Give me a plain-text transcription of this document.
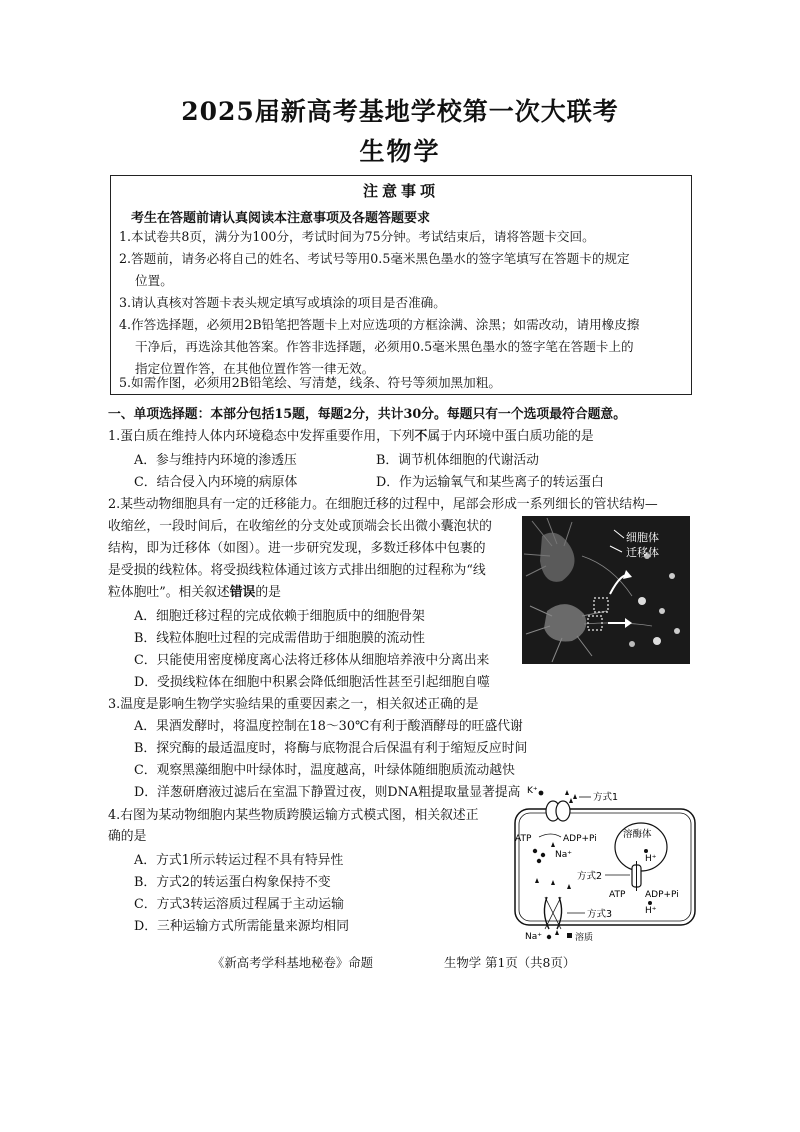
2025届新高考基地学校第一次大联考
生物学
注意事项
考生在答题前请认真阅读本注意事项及各题答题要求
1.本试卷共8页，满分为100分，考试时间为75分钟。考试结束后，请将答题卡交回。
2.答题前，请务必将自己的姓名、考试号等用0.5毫米黑色墨水的签字笔填写在答题卡的规定
位置。
3.请认真核对答题卡表头规定填写或填涂的项目是否准确。
4.作答选择题，必须用2B铅笔把答题卡上对应选项的方框涂满、涂黑；如需改动，请用橡皮擦
干净后，再选涂其他答案。作答非选择题，必须用0.5毫米黑色墨水的签字笔在答题卡上的
指定位置作答，在其他位置作答一律无效。
5.如需作图，必须用2B铅笔绘、写清楚，线条、符号等须加黑加粗。
一、单项选择题：本部分包括15题，每题2分，共计30分。每题只有一个选项最符合题意。
1.蛋白质在维持人体内环境稳态中发挥重要作用，下列不属于内环境中蛋白质功能的是
A．参与维持内环境的渗透压	B．调节机体细胞的代谢活动
C．结合侵入内环境的病原体	D．作为运输氧气和某些离子的转运蛋白
2.某些动物细胞具有一定的迁移能力。在细胞迁移的过程中，尾部会形成一系列细长的管状结构—
收缩丝，一段时间后，在收缩丝的分支处或顶端会长出微小囊泡状的
结构，即为迁移体（如图）。进一步研究发现，多数迁移体中包裹的
是受损的线粒体。将受损线粒体通过该方式排出细胞的过程称为“线
粒体胞吐”。相关叙述错误的是
A．细胞迁移过程的完成依赖于细胞质中的细胞骨架
B．线粒体胞吐过程的完成需借助于细胞膜的流动性
C．只能使用密度梯度离心法将迁移体从细胞培养液中分离出来
D．受损线粒体在细胞中积累会降低细胞活性甚至引起细胞自噬
细胞体
迁移体
3.温度是影响生物学实验结果的重要因素之一，相关叙述正确的是
A．果酒发酵时，将温度控制在18～30℃有利于酸酒酵母的旺盛代谢
B．探究酶的最适温度时，将酶与底物混合后保温有利于缩短反应时间
C．观察黑藻细胞中叶绿体时，温度越高，叶绿体随细胞质流动越快
D．洋葱研磨液过滤后在室温下静置过夜，则DNA粗提取量显著提高
4.右图为某动物细胞内某些物质跨膜运输方式模式图，相关叙述正
确的是
A．方式1所示转运过程不具有特异性
B．方式2的转运蛋白构象保持不变
C．方式3转运溶质过程属于主动运输
D．三种运输方式所需能量来源均相同
K⁺
方式1
ATP	ADP+Pi
Na⁺
溶酶体
H⁺
方式2
ATP ADP+Pi
H⁺
方式3
Na⁺	溶质
《新高考学科基地秘卷》命题	生物学 第1页（共8页）
